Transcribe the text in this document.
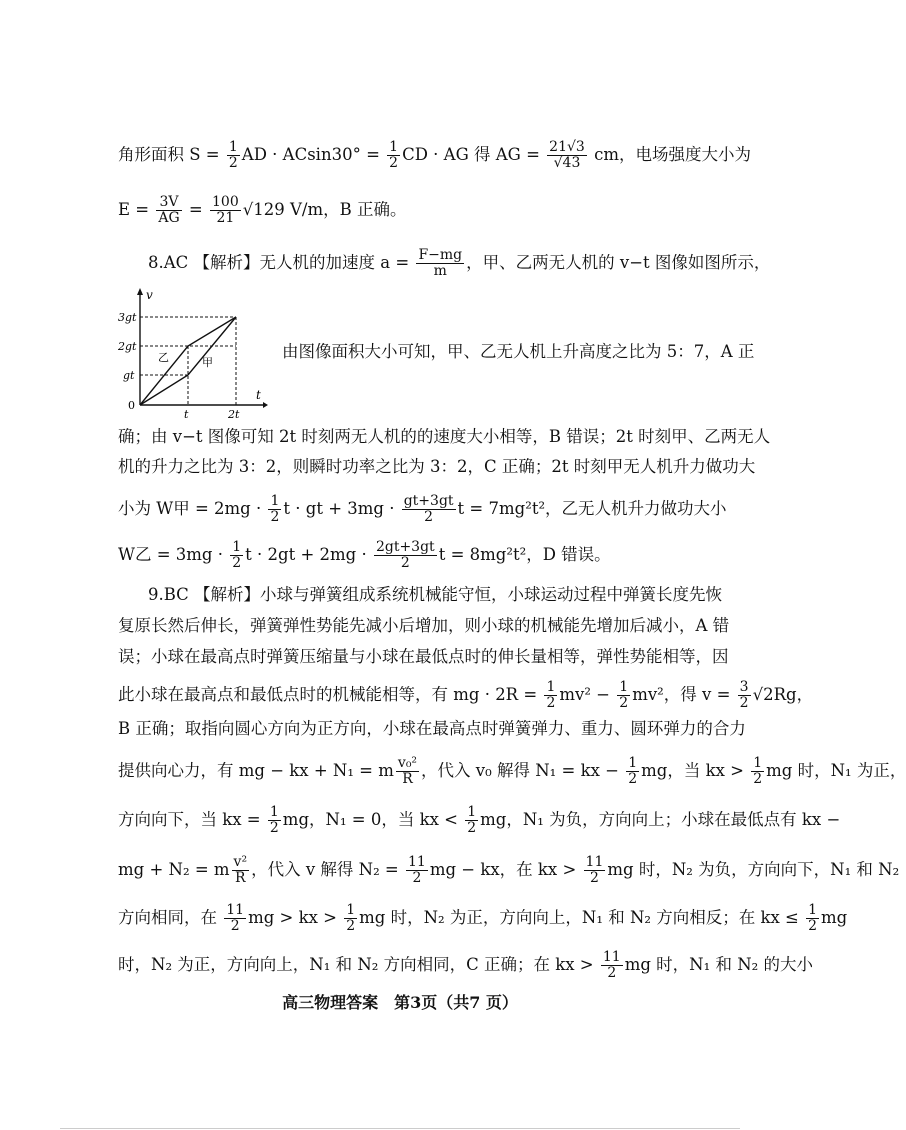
角形面积 $S = \frac{1}{2}$ AD · $ACsin30^\circ = \frac{1}{2}$ CD · AG 得 AG = $\frac{21√3}{√43}$ cm，电场强度大小为
$E = \frac{3V}{AG} = \frac{100}{21} √129$ V/m，B 正确。
8.AC 【解析】无人机的加速度 $a = \frac{F-mg}{m}$ ，甲、乙两无人机的 v−t 图像如图所示，
v
t
0
3gt
2gt
gt
t	2t
乙	甲
由图像面积大小可知，甲、乙无人机上升高度之比为 5：7，A 正
确；由 v−t 图像可知 2t 时刻两无人机的的速度大小相等，B 错误；2t 时刻甲、乙两无人
机的升力之比为 3：2，则瞬时功率之比为 3：2，C 正确；2t 时刻甲无人机升力做功大
小为 W甲 = $2mg \cdot \frac{1}{2}$ t · gt + $3mg \cdot \frac{gt+3gt}{2}$ t = 7mg²t²，乙无人机升力做功大小
W乙 = $3mg \cdot \frac{1}{2}$ $t \cdot 2gt + 2mg \cdot \frac{2gt+3gt}{2}$ t = 8mg²t²，D 错误。
9.BC 【解析】小球与弹簧组成系统机械能守恒，小球运动过程中弹簧长度先恢
复原长然后伸长，弹簧弹性势能先减小后增加，则小球的机械能先增加后减小，A 错
误；小球在最高点时弹簧压缩量与小球在最低点时的伸长量相等，弹性势能相等，因
此小球在最高点和最低点时的机械能相等，有 mg · $2R = \frac{1}{2} mv^2 - \frac{1}{2} mv^2$，得 $v = \frac{3}{2} √2Rg$，
B 正确；取指向圆心方向为正方向，小球在最高点时弹簧弹力、重力、圆环弹力的合力
提供向心力，有 mg − kx + N₁ = m $\frac{\text{v₀²}}{R}$ ，代入 v₀ 解得 N₁ = kx − $\frac{1}{2}$ mg，当 kx > $\frac{1}{2}$ mg 时，N₁ 为正，
方向向下，当 kx = $\frac{1}{2}$ mg，N₁ = 0，当 kx < $\frac{1}{2}$ mg，N₁ 为负，方向向上；小球在最低点有 kx −
mg + N₂ = m $\frac{\text{v²}}{R}$ ，代入 v 解得 $N_2 = \frac{11}{2}$ mg − kx，在 kx > $\frac{11}{2}$ mg 时，N₂ 为负，方向向下，N₁ 和 N₂
方向相同，在 $\frac{11}{2}$ mg > kx > $\frac{1}{2}$ mg 时，N₂ 为正，方向向上，N₁ 和 N₂ 方向相反；在 kx ≤ $\frac{1}{2}$ mg
时，N₂ 为正，方向向上，N₁ 和 N₂ 方向相同，C 正确；在 kx > $\frac{11}{2}$ mg 时，N₁ 和 N₂ 的大小
高三物理答案　第3页（共7 页）
